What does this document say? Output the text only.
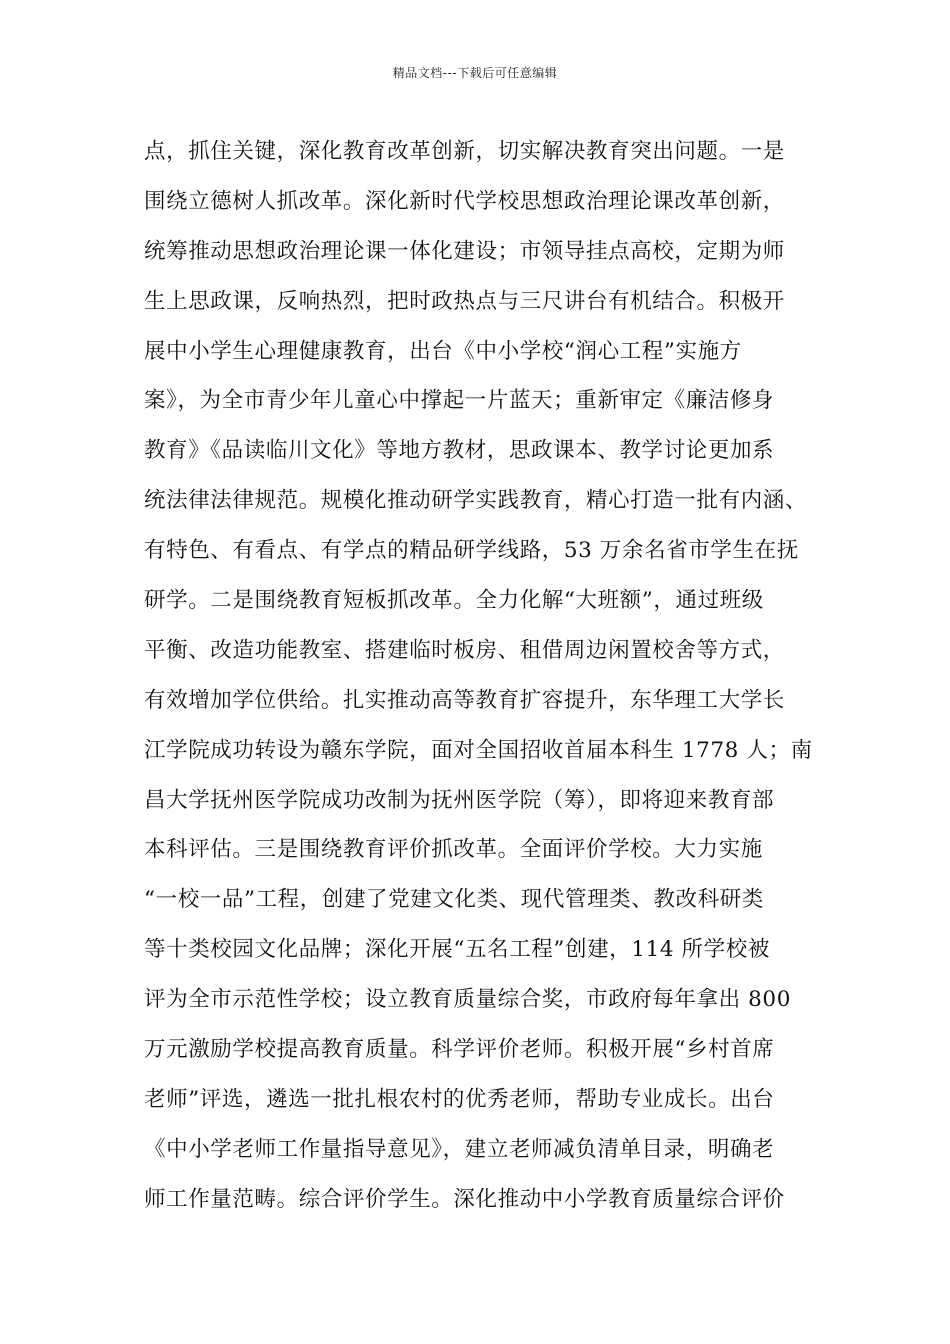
精品文档---下载后可任意编辑
点，抓住关键，深化教育改革创新，切实解决教育突出问题。一是
围绕立德树人抓改革。深化新时代学校思想政治理论课改革创新，
统筹推动思想政治理论课一体化建设；市领导挂点高校，定期为师
生上思政课，反响热烈，把时政热点与三尺讲台有机结合。积极开
展中小学生心理健康教育，出台《中小学校“润心工程”实施方
案》，为全市青少年儿童心中撑起一片蓝天；重新审定《廉洁修身
教育》《品读临川文化》等地方教材，思政课本、教学讨论更加系
统法律法律规范。规模化推动研学实践教育，精心打造一批有内涵、
有特色、有看点、有学点的精品研学线路，53 万余名省市学生在抚
研学。二是围绕教育短板抓改革。全力化解“大班额”，通过班级
平衡、改造功能教室、搭建临时板房、租借周边闲置校舍等方式，
有效增加学位供给。扎实推动高等教育扩容提升，东华理工大学长
江学院成功转设为赣东学院，面对全国招收首届本科生 1778 人；南
昌大学抚州医学院成功改制为抚州医学院（筹），即将迎来教育部
本科评估。三是围绕教育评价抓改革。全面评价学校。大力实施
“一校一品”工程，创建了党建文化类、现代管理类、教改科研类
等十类校园文化品牌；深化开展“五名工程”创建，114 所学校被
评为全市示范性学校；设立教育质量综合奖，市政府每年拿出 800
万元激励学校提高教育质量。科学评价老师。积极开展“乡村首席
老师”评选，遴选一批扎根农村的优秀老师，帮助专业成长。出台
《中小学老师工作量指导意见》，建立老师减负清单目录，明确老
师工作量范畴。综合评价学生。深化推动中小学教育质量综合评价
